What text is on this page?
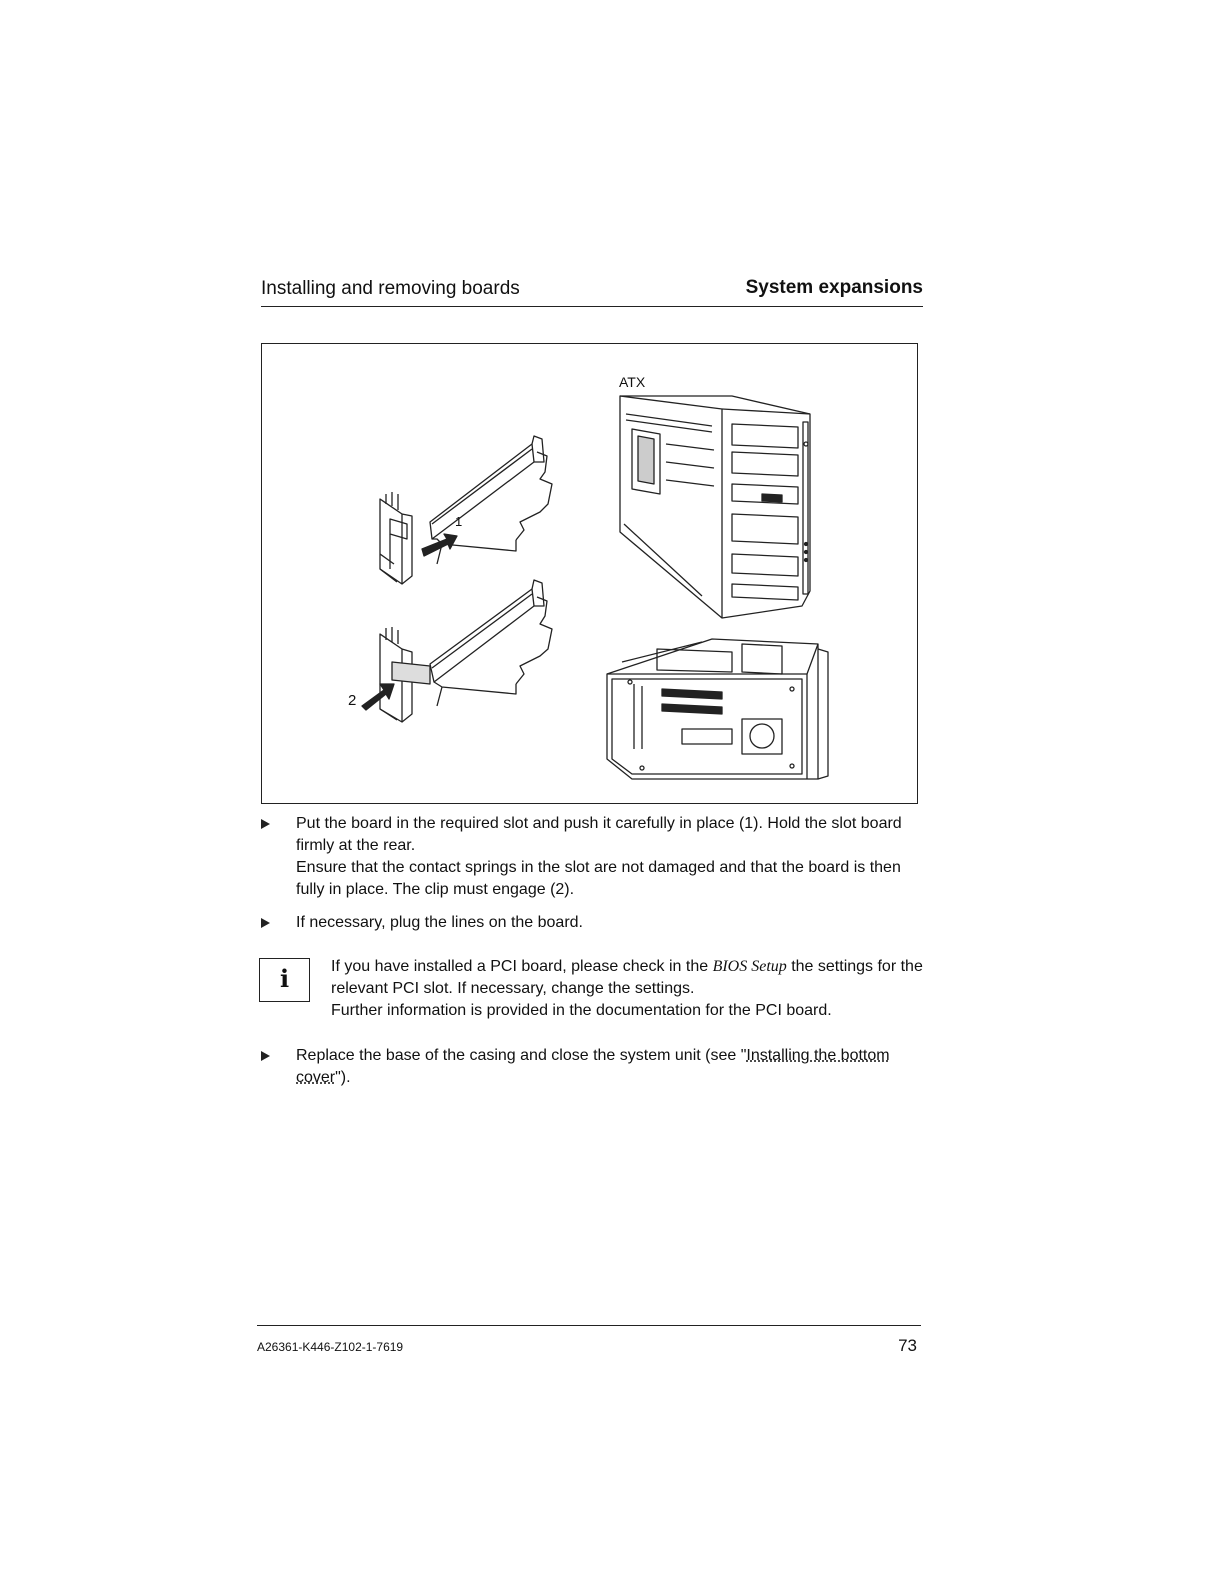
Installing and removing boards	System expansions
ATX
1
2

Put the board in the required slot and push it carefully in place (1). Hold the slot board firmly at the rear.

Ensure that the contact springs in the slot are not damaged and that the board is then fully in place. The clip must engage (2).

If necessary, plug the lines on the board.

i	If you have installed a PCI board, please check in the BIOS Setup the settings for the relevant PCI slot. If necessary, change the settings.

Further information is provided in the documentation for the PCI board.

Replace the base of the casing and close the system unit (see "Installing the bottom cover").

A26361-K446-Z102-1-7619	73
